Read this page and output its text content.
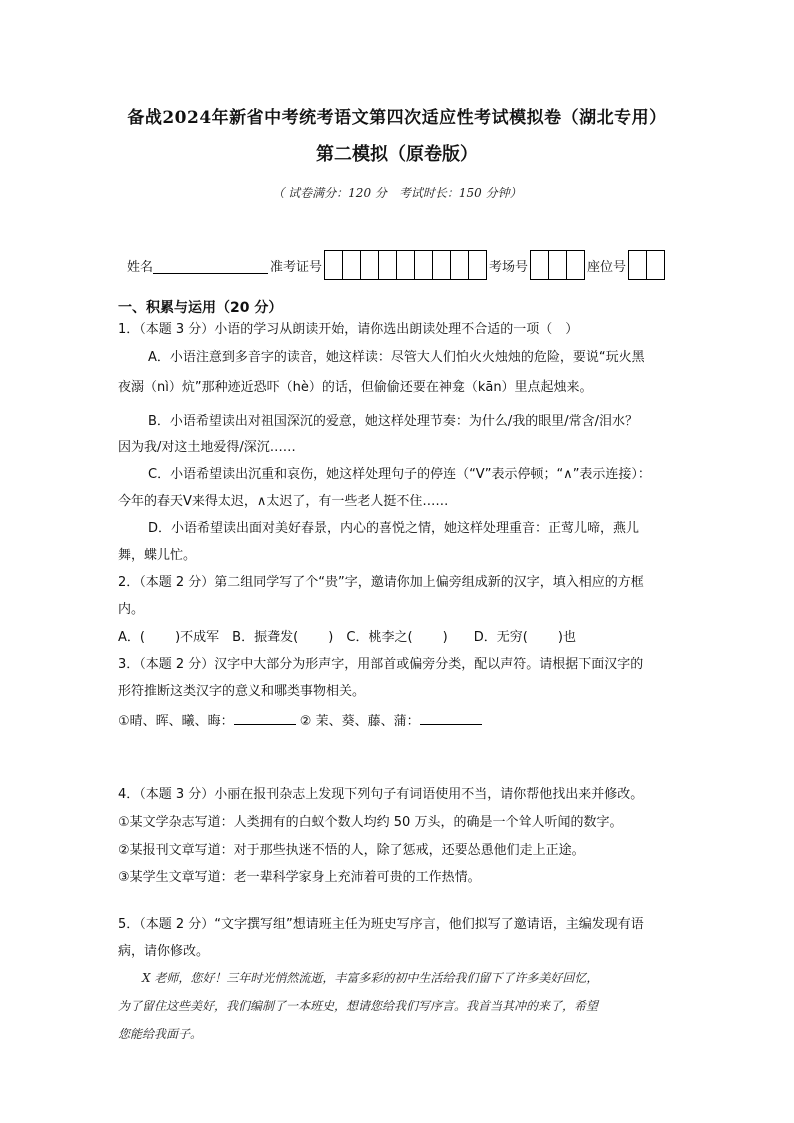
备战2024年新省中考统考语文第四次适应性考试模拟卷（湖北专用）
第二模拟（原卷版）
（ 试卷满分：120 分　考试时长：150 分钟）
姓名	准考证号	考场号	座位号
一、积累与运用（20 分）
1．（本题 3 分）小语的学习从朗读开始，请你选出朗读处理不合适的一项（　）
A．小语注意到多音字的读音，她这样读：尽管大人们怕火火烛烛的危险，要说“玩火黑
夜溺（nì）炕”那种迹近恐吓（hè）的话，但偷偷还要在神龛（kān）里点起烛来。
B．小语希望读出对祖国深沉的爱意，她这样处理节奏：为什么/我的眼里/常含/泪水？
因为我/对这土地爱得/深沉……
C．小语希望读出沉重和哀伤，她这样处理句子的停连（“V”表示停顿；“∧”表示连接）：
今年的春天V来得太迟，∧太迟了，有一些老人挺不住……
D．小语希望读出面对美好春景，内心的喜悦之情，她这样处理重音：正莺儿啼，燕儿
舞，蝶儿忙。
2．（本题 2 分）第二组同学写了个“贵”字，邀请你加上偏旁组成新的汉字，填入相应的方框
内。
A．(　　 )不成军　B．振聋发(　　 )　C．桃李之(　　 )　　D．无穷(　　 )也
3．（本题 2 分）汉字中大部分为形声字，用部首或偏旁分类，配以声符。请根据下面汉字的
形符推断这类汉字的意义和哪类事物相关。
①晴、晖、曦、晦：	② 茉、葵、藤、蒲：
4．（本题 3 分）小丽在报刊杂志上发现下列句子有词语使用不当，请你帮他找出来并修改。
①某文学杂志写道：人类拥有的白蚁个数人均约 50 万头，的确是一个耸人听闻的数字。
②某报刊文章写道：对于那些执迷不悟的人，除了惩戒，还要怂恿他们走上正途。
③某学生文章写道：老一辈科学家身上充沛着可贵的工作热情。
5．（本题 2 分）“文字撰写组”想请班主任为班史写序言，他们拟写了邀请语，主编发现有语
病，请你修改。
　　X 老师，您好！三年时光悄然流逝，丰富多彩的初中生活给我们留下了许多美好回忆，
为了留住这些美好，我们编制了一本班史，想请您给我们写序言。我首当其冲的来了，希望
您能给我面子。
